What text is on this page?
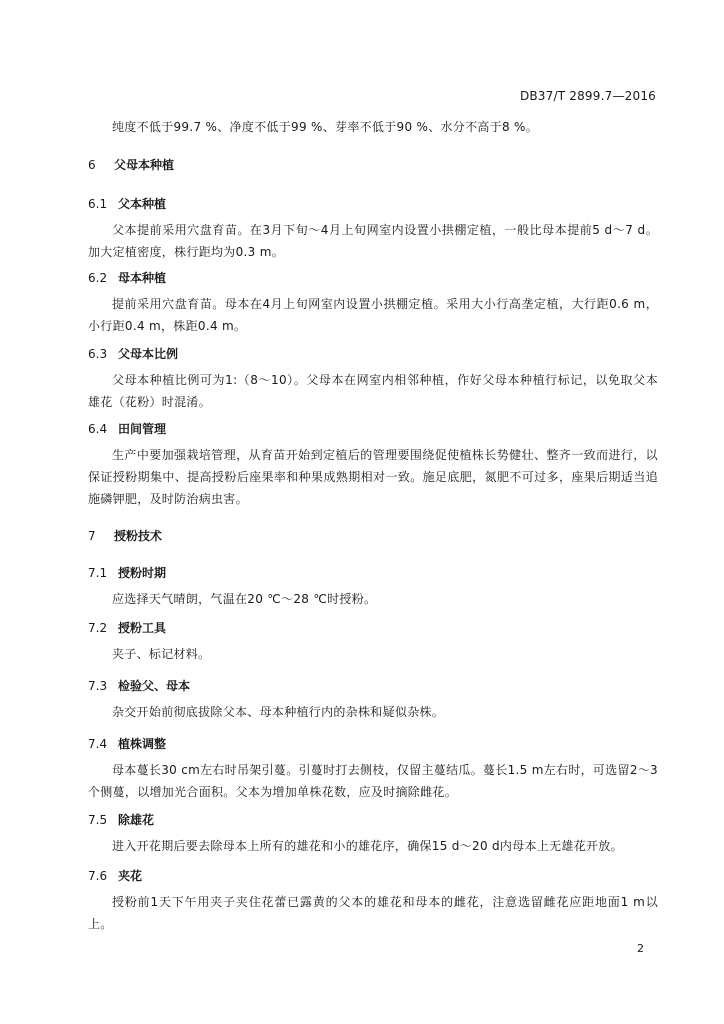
DB37/T 2899.7—2016

纯度不低于99.7 %、净度不低于99 %、芽率不低于90 %、水分不高于8 %。

6 父母本种植

6.1 父本种植

父本提前采用穴盘育苗。在3月下旬～4月上旬网室内设置小拱棚定植，一般比母本提前5 d～7 d。加大定植密度，株行距均为0.3 m。

6.2 母本种植

提前采用穴盘育苗。母本在4月上旬网室内设置小拱棚定植。采用大小行高垄定植，大行距0.6 m，小行距0.4 m，株距0.4 m。

6.3 父母本比例

父母本种植比例可为1:（8～10）。父母本在网室内相邻种植，作好父母本种植行标记，以免取父本雄花（花粉）时混淆。

6.4 田间管理

生产中要加强栽培管理，从育苗开始到定植后的管理要围绕促使植株长势健壮、整齐一致而进行，以保证授粉期集中、提高授粉后座果率和种果成熟期相对一致。施足底肥，氮肥不可过多，座果后期适当追施磷钾肥，及时防治病虫害。

7 授粉技术

7.1 授粉时期

应选择天气晴朗，气温在20 ℃～28 ℃时授粉。

7.2 授粉工具

夹子、标记材料。

7.3 检验父、母本

杂交开始前彻底拔除父本、母本种植行内的杂株和疑似杂株。

7.4 植株调整

母本蔓长30 cm左右时吊架引蔓。引蔓时打去侧枝，仅留主蔓结瓜。蔓长1.5 m左右时，可选留2～3个侧蔓，以增加光合面积。父本为增加单株花数，应及时摘除雌花。

7.5 除雄花

进入开花期后要去除母本上所有的雄花和小的雄花序，确保15 d～20 d内母本上无雄花开放。

7.6 夹花

授粉前1天下午用夹子夹住花蕾已露黄的父本的雄花和母本的雌花，注意选留雌花应距地面1 m以上。

2
